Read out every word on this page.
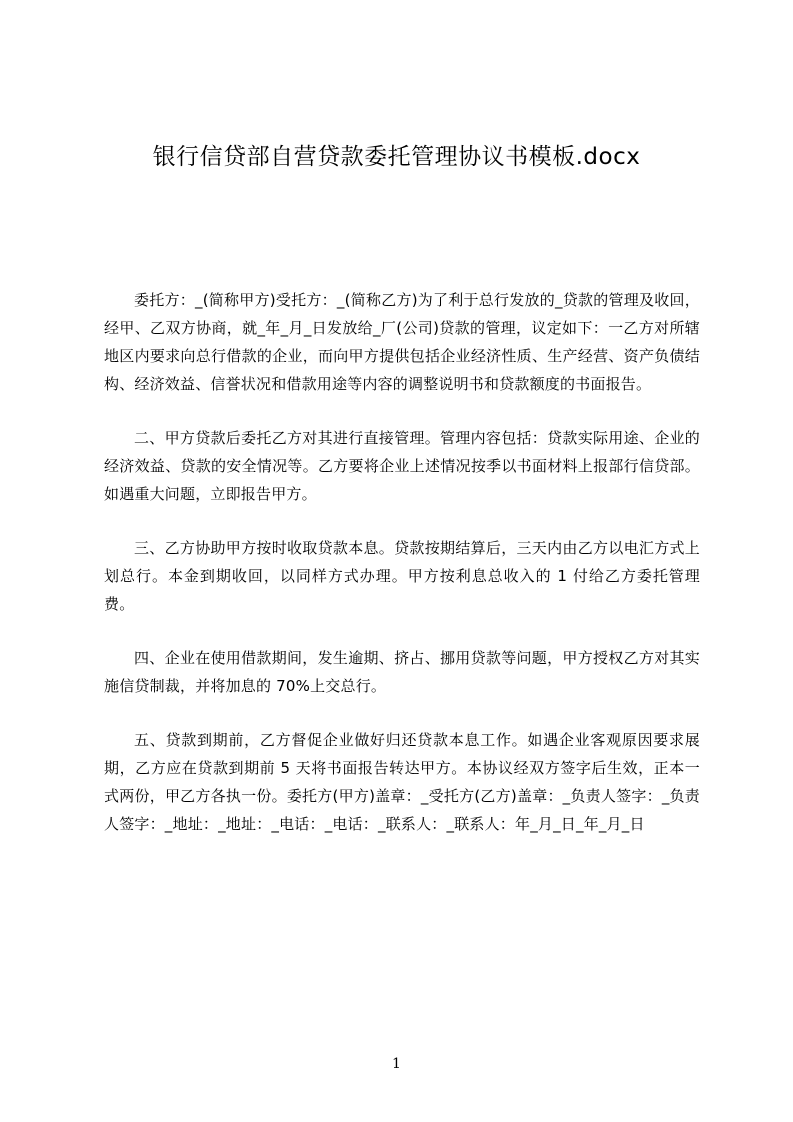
银行信贷部自营贷款委托管理协议书模板.docx

委托方：_(简称甲方)受托方：_(简称乙方)为了利于总行发放的_贷款的管理及收回，经甲、乙双方协商，就_年_月_日发放给_厂(公司)贷款的管理，议定如下：一乙方对所辖地区内要求向总行借款的企业，而向甲方提供包括企业经济性质、生产经营、资产负债结构、经济效益、信誉状况和借款用途等内容的调整说明书和贷款额度的书面报告。

二、甲方贷款后委托乙方对其进行直接管理。管理内容包括：贷款实际用途、企业的经济效益、贷款的安全情况等。乙方要将企业上述情况按季以书面材料上报部行信贷部。如遇重大问题，立即报告甲方。

三、乙方协助甲方按时收取贷款本息。贷款按期结算后，三天内由乙方以电汇方式上划总行。本金到期收回，以同样方式办理。甲方按利息总收入的 1 付给乙方委托管理费。

四、企业在使用借款期间，发生逾期、挤占、挪用贷款等问题，甲方授权乙方对其实施信贷制裁，并将加息的 70%上交总行。

五、贷款到期前，乙方督促企业做好归还贷款本息工作。如遇企业客观原因要求展期，乙方应在贷款到期前 5 天将书面报告转达甲方。本协议经双方签字后生效，正本一式两份，甲乙方各执一份。委托方(甲方)盖章：_受托方(乙方)盖章：_负责人签字：_负责人签字：_地址：_地址：_电话：_电话：_联系人：_联系人：年_月_日_年_月_日

1
